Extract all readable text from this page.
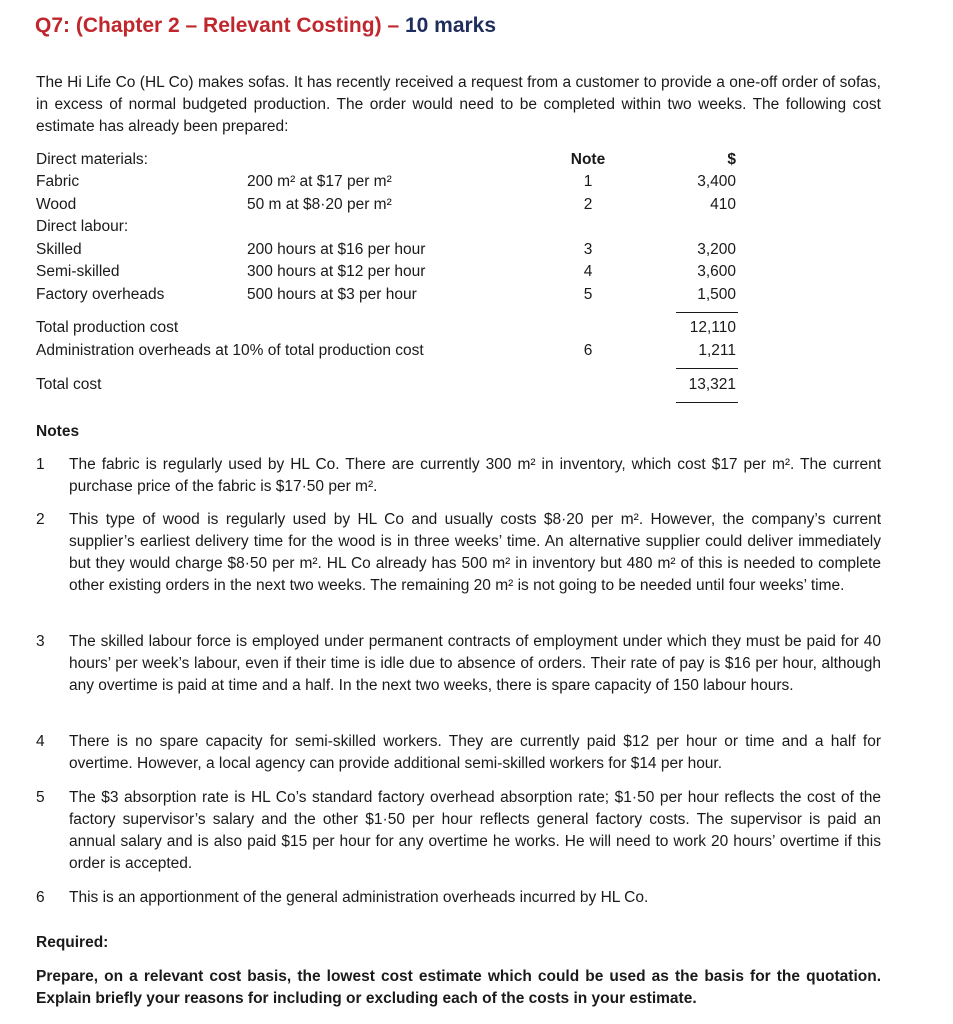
Q7: (Chapter 2 – Relevant Costing) – 10 marks

The Hi Life Co (HL Co) makes sofas. It has recently received a request from a customer to provide a one-off order of sofas, in excess of normal budgeted production. The order would need to be completed within two weeks. The following cost estimate has already been prepared:

Note	$
Direct materials:
Fabric	200 m² at $17 per m²	1	3,400
Wood	50 m at $8·20 per m²	2	410
Direct labour:
Skilled	200 hours at $16 per hour	3	3,200
Semi-skilled	300 hours at $12 per hour	4	3,600
Factory overheads	500 hours at $3 per hour	5	1,500
Total production cost	12,110
Administration overheads at 10% of total production cost	6	1,211
Total cost	13,321
Notes
1	The fabric is regularly used by HL Co. There are currently 300 m² in inventory, which cost $17 per m². The current purchase price of the fabric is $17·50 per m².
2	This type of wood is regularly used by HL Co and usually costs $8·20 per m². However, the company’s current supplier’s earliest delivery time for the wood is in three weeks’ time. An alternative supplier could deliver immediately but they would charge $8·50 per m². HL Co already has 500 m² in inventory but 480 m² of this is needed to complete other existing orders in the next two weeks. The remaining 20 m² is not going to be needed until four weeks’ time.
3	The skilled labour force is employed under permanent contracts of employment under which they must be paid for 40 hours’ per week’s labour, even if their time is idle due to absence of orders. Their rate of pay is $16 per hour, although any overtime is paid at time and a half. In the next two weeks, there is spare capacity of 150 labour hours.
4	There is no spare capacity for semi-skilled workers. They are currently paid $12 per hour or time and a half for overtime. However, a local agency can provide additional semi-skilled workers for $14 per hour.
5	The $3 absorption rate is HL Co’s standard factory overhead absorption rate; $1·50 per hour reflects the cost of the factory supervisor’s salary and the other $1·50 per hour reflects general factory costs. The supervisor is paid an annual salary and is also paid $15 per hour for any overtime he works. He will need to work 20 hours’ overtime if this order is accepted.
6	This is an apportionment of the general administration overheads incurred by HL Co.
Required:

Prepare, on a relevant cost basis, the lowest cost estimate which could be used as the basis for the quotation. Explain briefly your reasons for including or excluding each of the costs in your estimate.
